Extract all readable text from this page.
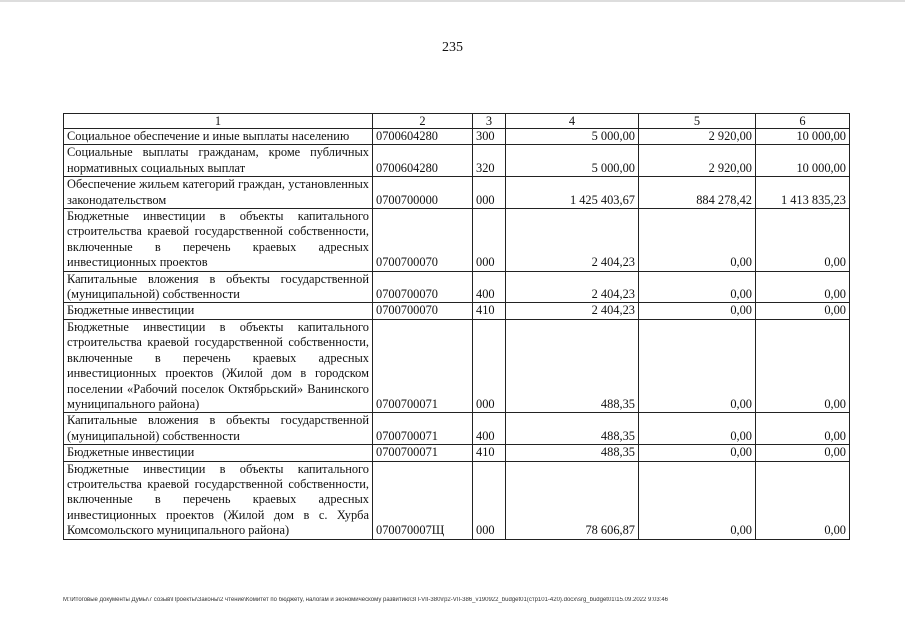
235
1	2	3	4	5	6
Социальное обеспечение и иные выплаты населению	0700604280	300	5 000,00	2 920,00	10 000,00
Социальные выплаты гражданам, кроме публичных нормативных социальных выплат	0700604280	320	5 000,00	2 920,00	10 000,00
Обеспечение жильем категорий граждан, установленных законодательством	0700700000	000	1 425 403,67	884 278,42	1 413 835,23
Бюджетные инвестиции в объекты капитального строительства краевой государственной собственности, включенные в перечень краевых адресных инвестиционных проектов	0700700070	000	2 404,23	0,00	0,00
Капитальные вложения в объекты государственной (муниципальной) собственности	0700700070	400	2 404,23	0,00	0,00
Бюджетные инвестиции	0700700070	410	2 404,23	0,00	0,00
Бюджетные инвестиции в объекты капитального строительства краевой государственной собственности, включенные в перечень краевых адресных инвестиционных проектов (Жилой дом в городском поселении «Рабочий поселок Октябрьский» Ванинского муниципального района)	0700700071	000	488,35	0,00	0,00
Капитальные вложения в объекты государственной (муниципальной) собственности	0700700071	400	488,35	0,00	0,00
Бюджетные инвестиции	0700700071	410	488,35	0,00	0,00
Бюджетные инвестиции в объекты капитального строительства краевой государственной собственности, включенные в перечень краевых адресных инвестиционных проектов (Жилой дом в с. Хурба Комсомольского муниципального района)	070070007Щ	000	78 606,87	0,00	0,00
M:\Итоговые документы Думы\7 созыв\Проекты\Законы\2 чтение\Комитет по бюджету, налогам и экономическому развитию\ЗП-VII-380\rp2-VII-386_v190922_budget01(стр101-420).docx\srg_budget01\15.09.2022 9:03:46
